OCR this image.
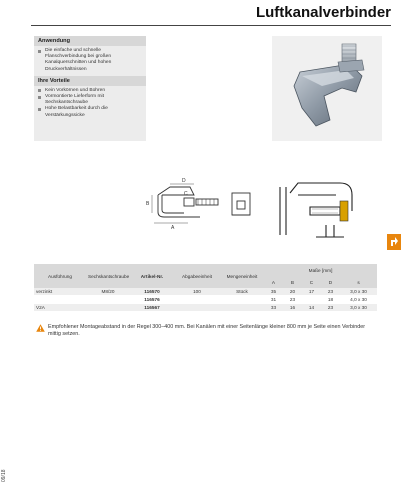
Luftkanalverbinder
Anwendung
Die einfache und schnelle Flanschverbindung bei großen Kanalquerschnitten und hohen Druckverhältnissen
Ihre Vorteile
Kein Vorkörnen und Bohren
Vormontierte Lieferform mit Sechskantschraube
Hohe Belastbarkeit durch die Verstärkungssicke
D
A
B
C
Ausführung	Sechskantschraube	Artikel-Nr.	Abgabeeinheit	Mengeneinheit	Maße [mm]				
					A	B	C	D	s
verzinkt	M8/20	116570	100	Stück	35	20	17	23	3,0 x 30
		116576			31	23		18	4,0 x 30
V2A		116567			33	16	14	23	3,0 x 30
Empfohlener Montageabstand in der Regel 300–400 mm. Bei Kanälen mit einer Seitenlänge kleiner 800 mm je Seite einen Verbinder mittig setzen.
09/18
